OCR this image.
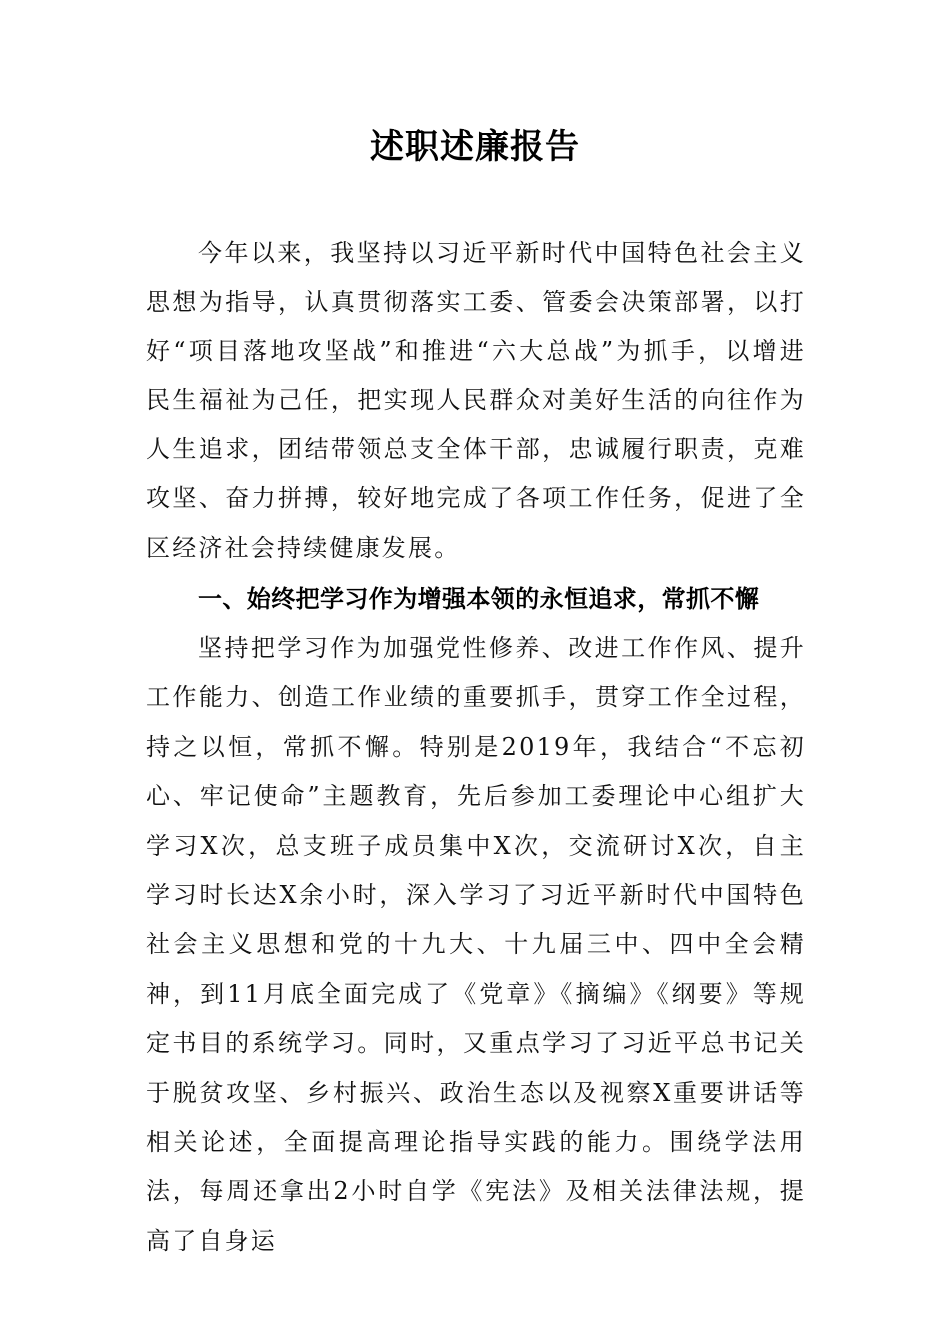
述职述廉报告
今年以来，我坚持以习近平新时代中国特色社会主义思想为指导，认真贯彻落实工委、管委会决策部署，以打好“项目落地攻坚战”和推进“六大总战”为抓手，以增进民生福祉为己任，把实现人民群众对美好生活的向往作为人生追求，团结带领总支全体干部，忠诚履行职责，克难攻坚、奋力拼搏，较好地完成了各项工作任务，促进了全区经济社会持续健康发展。
一、始终把学习作为增强本领的永恒追求，常抓不懈
坚持把学习作为加强党性修养、改进工作作风、提升工作能力、创造工作业绩的重要抓手，贯穿工作全过程，持之以恒，常抓不懈。特别是2019年，我结合“不忘初心、牢记使命”主题教育，先后参加工委理论中心组扩大学习X次，总支班子成员集中X次，交流研讨X次，自主学习时长达X余小时，深入学习了习近平新时代中国特色社会主义思想和党的十九大、十九届三中、四中全会精神，到11月底全面完成了《党章》《摘编》《纲要》等规定书目的系统学习。同时，又重点学习了习近平总书记关于脱贫攻坚、乡村振兴、政治生态以及视察X重要讲话等相关论述，全面提高理论指导实践的能力。围绕学法用法，每周还拿出2小时自学《宪法》及相关法律法规，提高了自身运
